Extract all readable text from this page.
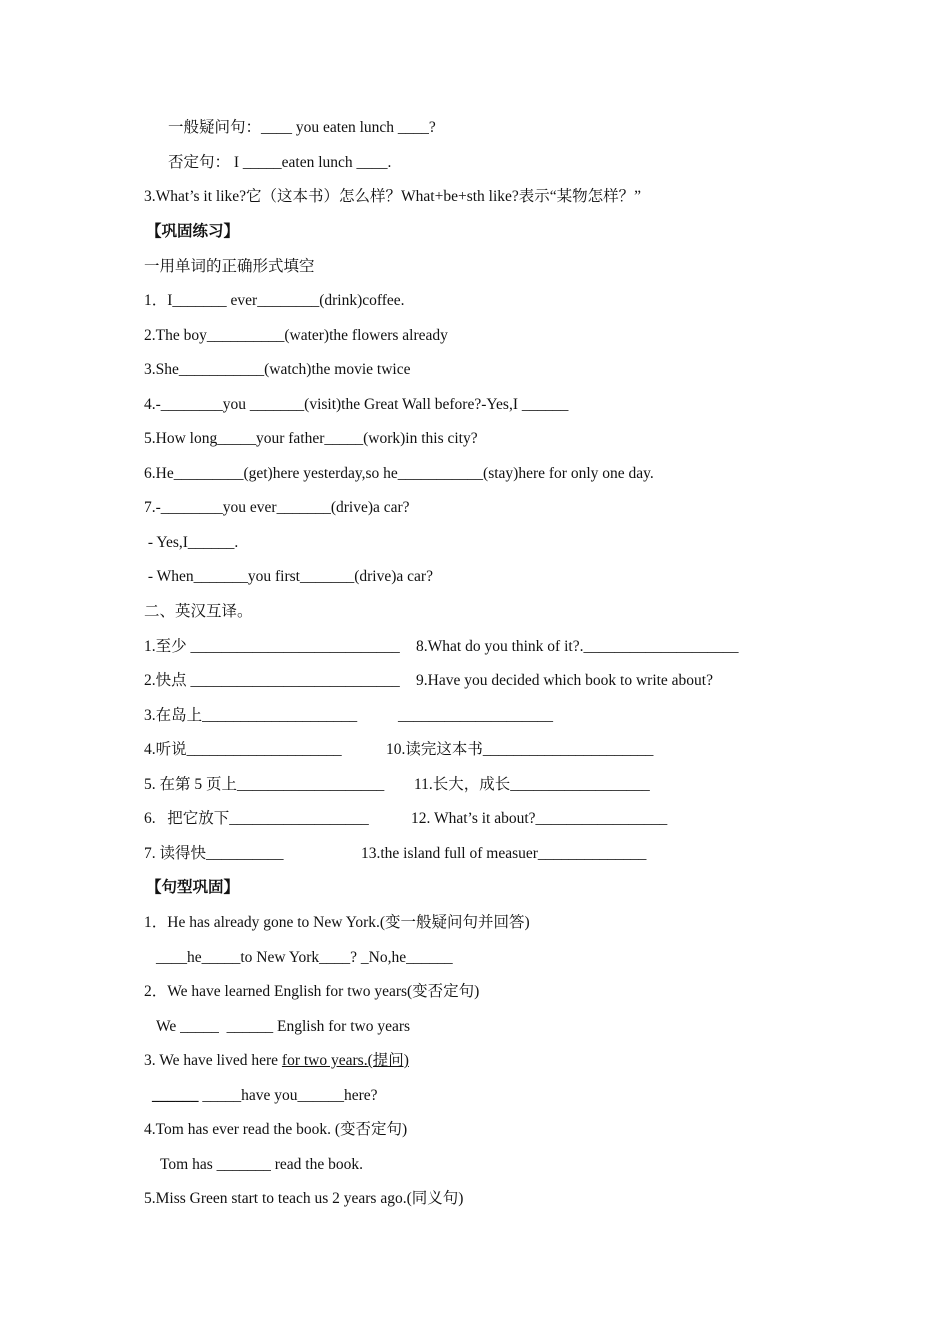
一般疑问句：____ you eaten lunch ____?
否定句： I _____eaten lunch ____.
3.What’s it like?它（这本书）怎么样？What+be+sth like?表示“某物怎样？”
【巩固练习】
一用单词的正确形式填空
1．I_______ ever________(drink)coffee.
2.The boy__________(water)the flowers already
3.She___________(watch)the movie twice
4.-________you _______(visit)the Great Wall before?-Yes,I ______
5.How long_____your father_____(work)in this city?
6.He_________(get)here yesterday,so he___________(stay)here for only one day.
7.-________you ever_______(drive)a car?
- Yes,I______.
- When_______you first_______(drive)a car?
二、英汉互译。
1.至少 ___________________________ 8.What do you think of it?.____________________
2.快点 ___________________________ 9.Have you decided which book to write about?
3.在岛上____________________	____________________
4.听说____________________	10.读完这本书______________________
5. 在第 5 页上___________________ 11.长大，成长__________________
6.   把它放下__________________	12. What’s it about?_________________
7. 读得快__________	13.the island full of measuer______________
【句型巩固】
1．He has already gone to New York.(变一般疑问句并回答)
____he_____to New York____? _No,he______
2．We have learned English for two years(变否定句)
We _____  ______ English for two years
3. We have lived here for two years.(提问)
______ _____have you______here?
4.Tom has ever read the book. (变否定句)
Tom has _______ read the book.
5.Miss Green start to teach us 2 years ago.(同义句)
